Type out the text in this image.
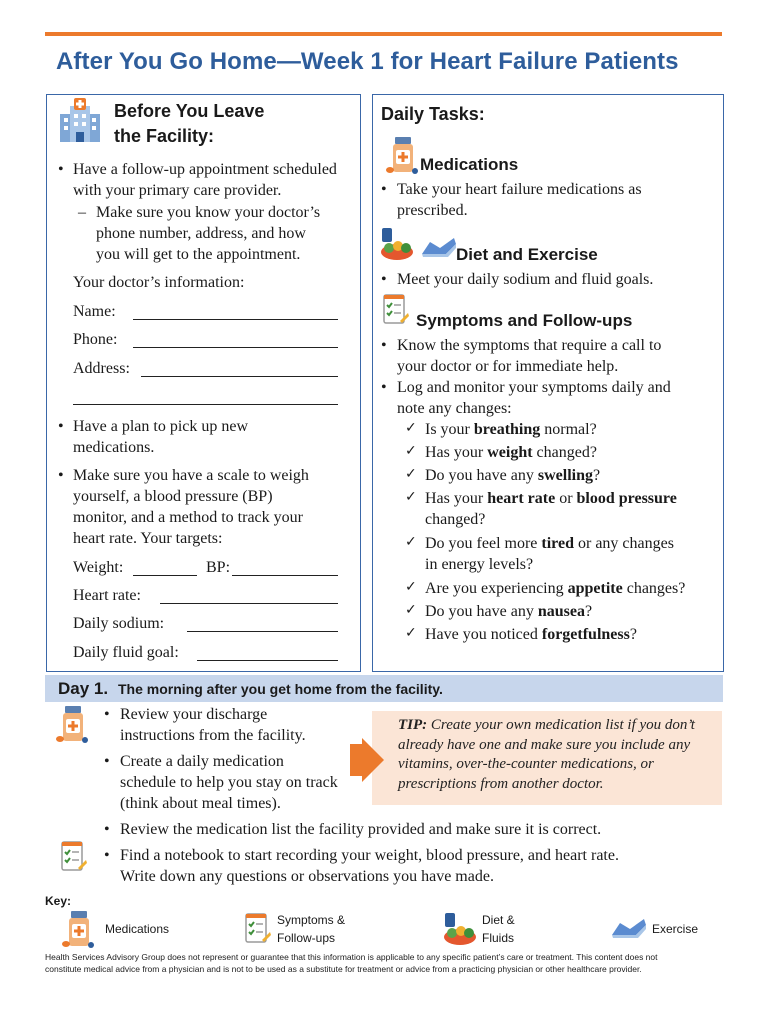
After You Go Home—Week 1 for Heart Failure Patients
Before You Leave
the Facility:
• Have a follow-up appointment scheduled
with your primary care provider.
– Make sure you know your doctor’s
phone number, address, and how
you will get to the appointment.
Your doctor’s information:
Name:
Phone:
Address:
• Have a plan to pick up new
medications.
• Make sure you have a scale to weigh
yourself, a blood pressure (BP)
monitor, and a method to track your
heart rate. Your targets:
Weight:	BP:
Heart rate:
Daily sodium:
Daily fluid goal:
Daily Tasks:
Medications
• Take your heart failure medications as
prescribed.
Diet and Exercise
• Meet your daily sodium and fluid goals.
Symptoms and Follow-ups
• Know the symptoms that require a call to
your doctor or for immediate help.
• Log and monitor your symptoms daily and
note any changes:
✓ Is your breathing normal?
✓ Has your weight changed?
✓ Do you have any swelling?
✓ Has your heart rate or blood pressure
changed?
✓ Do you feel more tired or any changes
in energy levels?
✓ Are you experiencing appetite changes?
✓ Do you have any nausea?
✓ Have you noticed forgetfulness?
Day 1. The morning after you get home from the facility.
• Review your discharge
instructions from the facility.
• Create a daily medication
schedule to help you stay on track
(think about meal times).
TIP: Create your own medication list if you don’t
already have one and make sure you include any
vitamins, over-the-counter medications, or
prescriptions from another doctor.
• Review the medication list the facility provided and make sure it is correct.
• Find a notebook to start recording your weight, blood pressure, and heart rate.
Write down any questions or observations you have made.
Key:
Medications
Symptoms &
Follow-ups
Diet &
Fluids
Exercise
Health Services Advisory Group does not represent or guarantee that this information is applicable to any specific patient’s care or treatment. This content does not
constitute medical advice from a physician and is not to be used as a substitute for treatment or advice from a practicing physician or other healthcare provider.
